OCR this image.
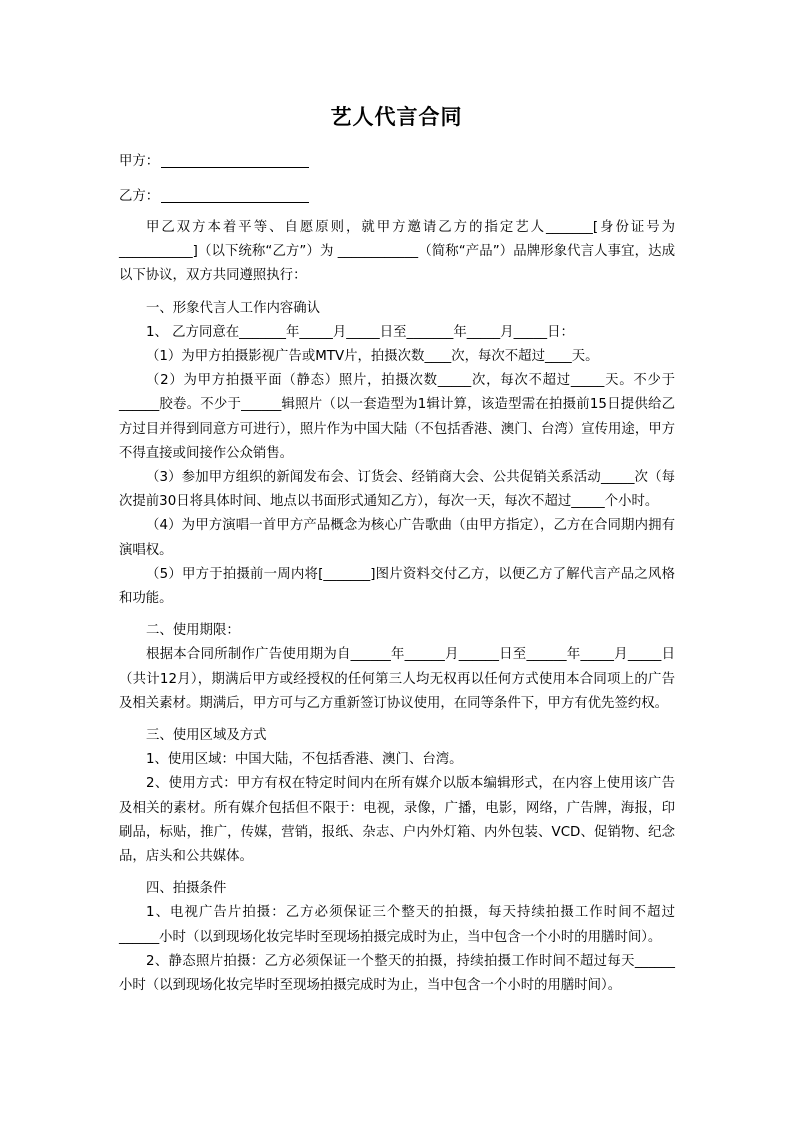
艺人代言合同
甲方：
乙方：

甲乙双方本着平等、自愿原则，就甲方邀请乙方的指定艺人_______[身份证号为___________]（以下统称“乙方”）为 ____________（简称“产品”）品牌形象代言人事宜，达成以下协议，双方共同遵照执行：

一、形象代言人工作内容确认

1、 乙方同意在_______年_____月_____日至_______年_____月_____日：

（1）为甲方拍摄影视广告或MTV片，拍摄次数____次，每次不超过____天。

（2）为甲方拍摄平面（静态）照片，拍摄次数_____次，每次不超过_____天。不少于______胶卷。不少于______辑照片（以一套造型为1辑计算，该造型需在拍摄前15日提供给乙方过目并得到同意方可进行），照片作为中国大陆（不包括香港、澳门、台湾）宣传用途，甲方不得直接或间接作公众销售。

（3）参加甲方组织的新闻发布会、订货会、经销商大会、公共促销关系活动_____次（每次提前30日将具体时间、地点以书面形式通知乙方），每次一天，每次不超过_____个小时。

（4）为甲方演唱一首甲方产品概念为核心广告歌曲（由甲方指定），乙方在合同期内拥有演唱权。

（5）甲方于拍摄前一周内将[_______]图片资料交付乙方，以便乙方了解代言产品之风格和功能。

二、使用期限：

根据本合同所制作广告使用期为自______年______月______日至______年_____月_____日（共计12月），期满后甲方或经授权的任何第三人均无权再以任何方式使用本合同项上的广告及相关素材。期满后，甲方可与乙方重新签订协议使用，在同等条件下，甲方有优先签约权。

三、使用区域及方式

1、使用区域：中国大陆，不包括香港、澳门、台湾。

2、使用方式：甲方有权在特定时间内在所有媒介以版本编辑形式，在内容上使用该广告及相关的素材。所有媒介包括但不限于：电视，录像，广播，电影，网络，广告牌，海报，印刷品，标贴，推广，传媒，营销，报纸、杂志、户内外灯箱、内外包装、VCD、促销物、纪念品，店头和公共媒体。

四、拍摄条件

1、电视广告片拍摄：乙方必须保证三个整天的拍摄，每天持续拍摄工作时间不超过______小时（以到现场化妆完毕时至现场拍摄完成时为止，当中包含一个小时的用膳时间）。

2、静态照片拍摄：乙方必须保证一个整天的拍摄，持续拍摄工作时间不超过每天______小时（以到现场化妆完毕时至现场拍摄完成时为止，当中包含一个小时的用膳时间）。
